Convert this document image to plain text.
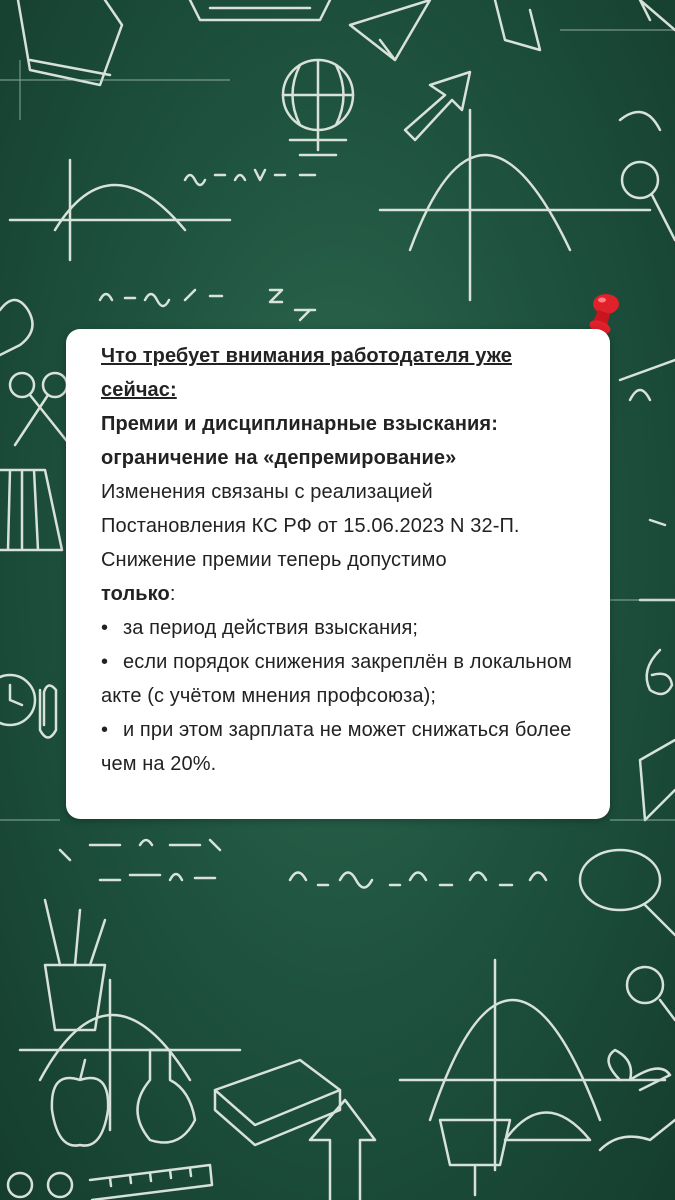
Что требует внимания работодателя уже сейчас:

Премии и дисциплинарные взыскания: ограничение на «депремирование»

Изменения связаны с реализацией Постановления КС РФ от 15.06.2023 N 32-П. Снижение премии теперь допустимо
только:

• за период действия взыскания;

• если порядок снижения закреплён в локальном акте (с учётом мнения профсоюза);

• и при этом зарплата не может снижаться более чем на 20%.
